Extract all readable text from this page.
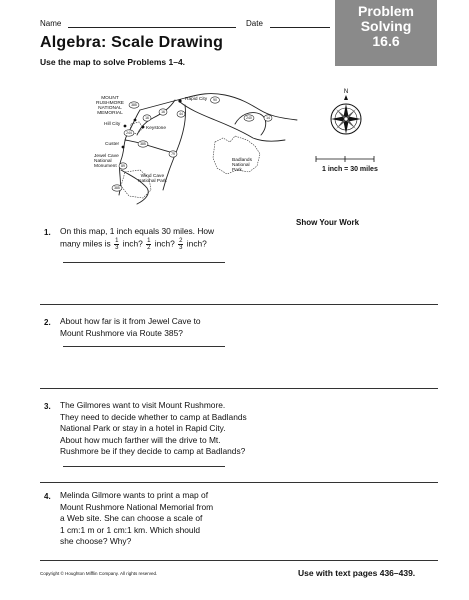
Name	Date
Problem
Solving
16.6
Algebra: Scale Drawing
Use the map to solve Problems 1–4.
385
16	44
16
244
385
79
90
240	14
89
385
MOUNT
RUSHMORE
NATIONAL
MEMORIAL
Hill City
Keystone
Rapid City
Custer
Jewel Cave
National
Monument
Wind Cave
National Park
Badlands
National
Park
N
1 inch = 30 miles
Show Your Work
1. On this map, 1 inch equals 30 miles. How
many miles is $\frac{1}{3}$ inch? $\frac{1}{2}$ inch? $\frac{2}{3}$ inch?
2. About how far is it from Jewel Cave to
Mount Rushmore via Route 385?
3. The Gilmores want to visit Mount Rushmore.
They need to decide whether to camp at Badlands
National Park or stay in a hotel in Rapid City.
About how much farther will the drive to Mt.
Rushmore be if they decide to camp at Badlands?
4. Melinda Gilmore wants to print a map of
Mount Rushmore National Memorial from
a Web site. She can choose a scale of
1 cm:1 m or 1 cm:1 km. Which should
she choose? Why?
Copyright © Houghton Mifflin Company. All rights reserved.	Use with text pages 436–439.
